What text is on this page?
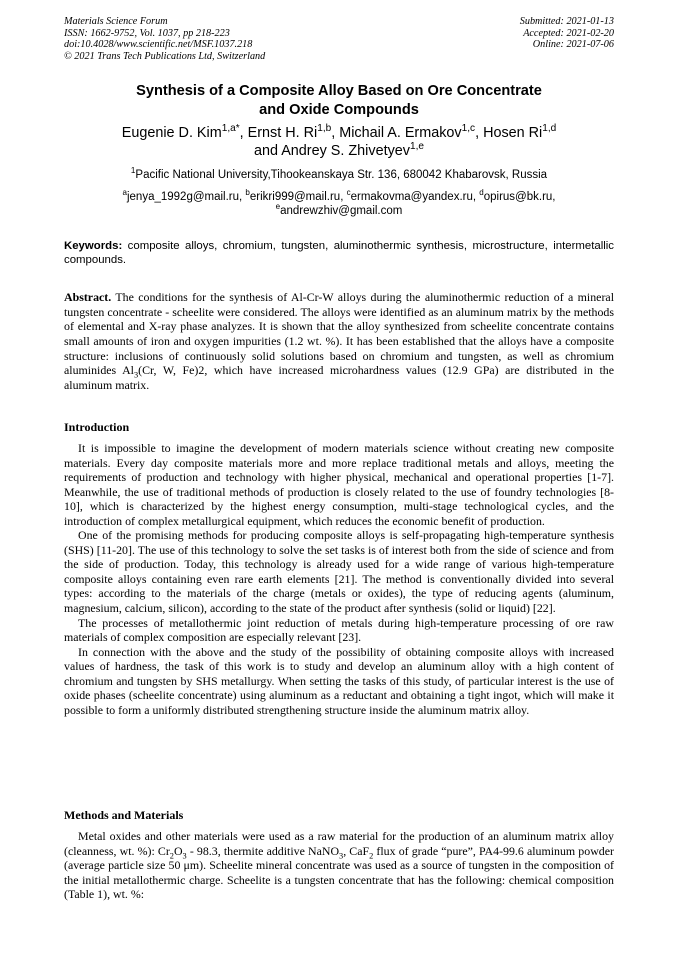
Materials Science Forum
ISSN: 1662-9752, Vol. 1037, pp 218-223
doi:10.4028/www.scientific.net/MSF.1037.218
© 2021 Trans Tech Publications Ltd, Switzerland
Submitted: 2021-01-13
Accepted: 2021-02-20
Online: 2021-07-06
Synthesis of a Composite Alloy Based on Ore Concentrate
and Oxide Compounds
Eugenie D. Kim$^{1,a*}$, Ernst H. Ri$^{1,b}$, Michail A. Ermakov$^{1,c}$, Hosen Ri$^{1,d}$
and Andrey S. Zhivetyev$^{1,e}$
$^1$Pacific National University,Tihookeanskaya Str. 136, 680042 Khabarovsk, Russia
$^a$jenya_1992g@mail.ru, $^b$erikri999@mail.ru, $^c$ermakovma@yandex.ru, $^d$opirus@bk.ru,
$^e$andrewzhiv@gmail.com
Keywords: composite alloys, chromium, tungsten, aluminothermic synthesis, microstructure, intermetallic compounds.
Abstract. The conditions for the synthesis of Al-Cr-W alloys during the aluminothermic reduction of a mineral tungsten concentrate - scheelite were considered. The alloys were identified as an aluminum matrix by the methods of elemental and X-ray phase analyzes. It is shown that the alloy synthesized from scheelite concentrate contains small amounts of iron and oxygen impurities (1.2 wt. %). It has been established that the alloys have a composite structure: inclusions of continuously solid solutions based on chromium and tungsten, as well as chromium aluminides $Al_3(Cr$, W, Fe)2, which have increased microhardness values (12.9 GPa) are distributed in the aluminum matrix.
Introduction

It is impossible to imagine the development of modern materials science without creating new composite materials. Every day composite materials more and more replace traditional metals and alloys, meeting the requirements of production and technology with higher physical, mechanical and operational properties [1-7]. Meanwhile, the use of traditional methods of production is closely related to the use of foundry technologies [8-10], which is characterized by the highest energy consumption, multi-stage technological cycles, and the introduction of complex metallurgical equipment, which reduces the economic benefit of production.

One of the promising methods for producing composite alloys is self-propagating high-temperature synthesis (SHS) [11-20]. The use of this technology to solve the set tasks is of interest both from the side of science and from the side of production. Today, this technology is already used for a wide range of various high-temperature composite alloys containing even rare earth elements [21]. The method is conventionally divided into several types: according to the materials of the charge (metals or oxides), the type of reducing agents (aluminum, magnesium, calcium, silicon), according to the state of the product after synthesis (solid or liquid) [22].

The processes of metallothermic joint reduction of metals during high-temperature processing of ore raw materials of complex composition are especially relevant [23].

In connection with the above and the study of the possibility of obtaining composite alloys with increased values of hardness, the task of this work is to study and develop an aluminum alloy with a high content of chromium and tungsten by SHS metallurgy. When setting the tasks of this study, of particular interest is the use of oxide phases (scheelite concentrate) using aluminum as a reductant and obtaining a tight ingot, which will make it possible to form a uniformly distributed strengthening structure inside the aluminum matrix alloy.

Methods and Materials

Metal oxides and other materials were used as a raw material for the production of an aluminum matrix alloy (cleanness, wt. %): $Cr_2O_3 - 98.3$, thermite additive NaNO$_3$, CaF$_2$ flux of grade “pure”, PA4-99.6 aluminum powder (average particle size 50 μm). Scheelite mineral concentrate was used as a source of tungsten in the composition of the initial metallothermic charge. Scheelite is a tungsten concentrate that has the following: chemical composition (Table 1), wt. %:
